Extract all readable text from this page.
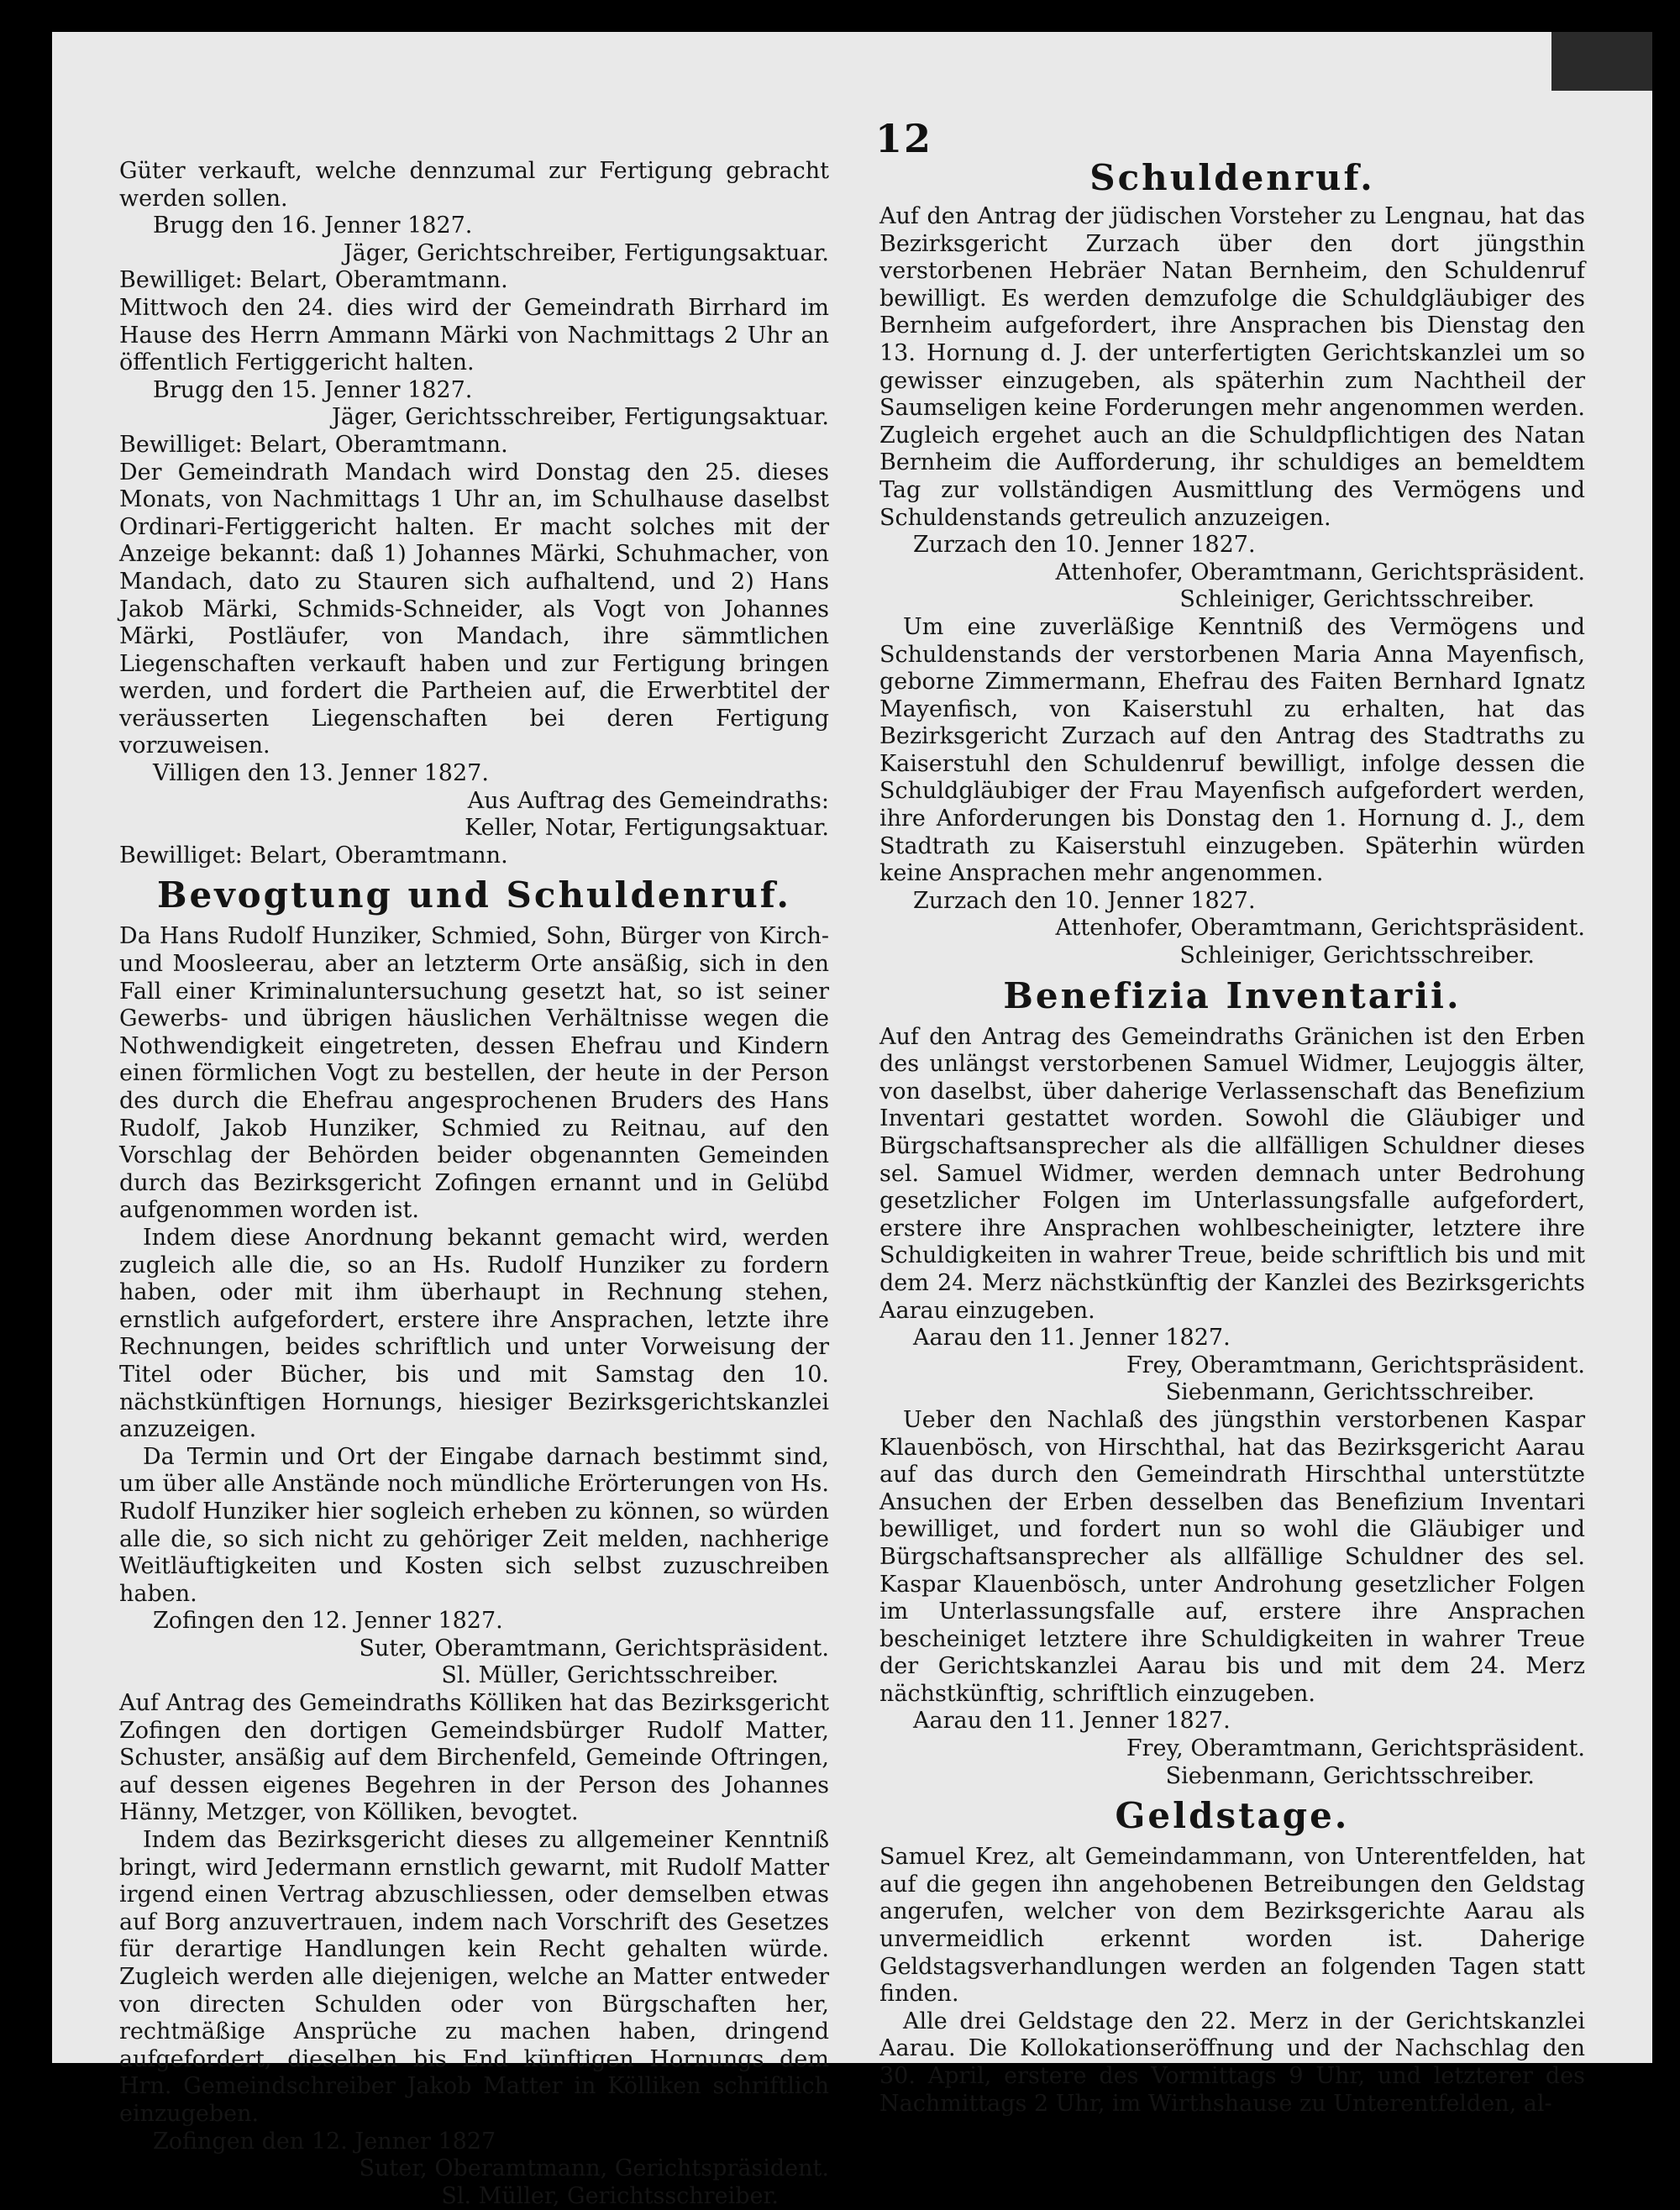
12

Güter verkauft, welche dennzumal zur Fertigung gebracht werden sollen.

Brugg den 16. Jenner 1827.

Jäger, Gerichtschreiber, Fertigungsaktuar.

Bewilliget: Belart, Oberamtmann.

Mittwoch den 24. dies wird der Gemeindrath Birrhard im Hause des Herrn Ammann Märki von Nachmittags 2 Uhr an öffentlich Fertiggericht halten.

Brugg den 15. Jenner 1827.

Jäger, Gerichtsschreiber, Fertigungsaktuar.

Bewilliget: Belart, Oberamtmann.

Der Gemeindrath Mandach wird Donstag den 25. dieses Monats, von Nachmittags 1 Uhr an, im Schulhause daselbst Ordinari-Fertiggericht halten. Er macht solches mit der Anzeige bekannt: daß 1) Johannes Märki, Schuhmacher, von Mandach, dato zu Stauren sich aufhaltend, und 2) Hans Jakob Märki, Schmids-Schneider, als Vogt von Johannes Märki, Postläufer, von Mandach, ihre sämmtlichen Liegenschaften verkauft haben und zur Fertigung bringen werden, und fordert die Partheien auf, die Erwerbtitel der veräusserten Liegenschaften bei deren Fertigung vorzuweisen.

Villigen den 13. Jenner 1827.

Aus Auftrag des Gemeindraths:

Keller, Notar, Fertigungsaktuar.

Bewilliget: Belart, Oberamtmann.

Bevogtung und Schuldenruf.

Da Hans Rudolf Hunziker, Schmied, Sohn, Bürger von Kirch- und Moosleerau, aber an letzterm Orte ansäßig, sich in den Fall einer Kriminaluntersuchung gesetzt hat, so ist seiner Gewerbs- und übrigen häuslichen Verhältnisse wegen die Nothwendigkeit eingetreten, dessen Ehefrau und Kindern einen förmlichen Vogt zu bestellen, der heute in der Person des durch die Ehefrau angesprochenen Bruders des Hans Rudolf, Jakob Hunziker, Schmied zu Reitnau, auf den Vorschlag der Behörden beider obgenannten Gemeinden durch das Bezirksgericht Zofingen ernannt und in Gelübd aufgenommen worden ist.

Indem diese Anordnung bekannt gemacht wird, werden zugleich alle die, so an Hs. Rudolf Hunziker zu fordern haben, oder mit ihm überhaupt in Rechnung stehen, ernstlich aufgefordert, erstere ihre Ansprachen, letzte ihre Rechnungen, beides schriftlich und unter Vorweisung der Titel oder Bücher, bis und mit Samstag den 10. nächstkünftigen Hornungs, hiesiger Bezirksgerichtskanzlei anzuzeigen.

Da Termin und Ort der Eingabe darnach bestimmt sind, um über alle Anstände noch mündliche Erörterungen von Hs. Rudolf Hunziker hier sogleich erheben zu können, so würden alle die, so sich nicht zu gehöriger Zeit melden, nachherige Weitläuftigkeiten und Kosten sich selbst zuzuschreiben haben.

Zofingen den 12. Jenner 1827.

Suter, Oberamtmann, Gerichtspräsident.

Sl. Müller, Gerichtsschreiber.

Auf Antrag des Gemeindraths Kölliken hat das Bezirksgericht Zofingen den dortigen Gemeindsbürger Rudolf Matter, Schuster, ansäßig auf dem Birchenfeld, Gemeinde Oftringen, auf dessen eigenes Begehren in der Person des Johannes Hänny, Metzger, von Kölliken, bevogtet.

Indem das Bezirksgericht dieses zu allgemeiner Kenntniß bringt, wird Jedermann ernstlich gewarnt, mit Rudolf Matter irgend einen Vertrag abzuschliessen, oder demselben etwas auf Borg anzuvertrauen, indem nach Vorschrift des Gesetzes für derartige Handlungen kein Recht gehalten würde. Zugleich werden alle diejenigen, welche an Matter entweder von directen Schulden oder von Bürgschaften her, rechtmäßige Ansprüche zu machen haben, dringend aufgefordert, dieselben bis End künftigen Hornungs dem Hrn. Gemeindschreiber Jakob Matter in Kölliken schriftlich einzugeben.

Zofingen den 12. Jenner 1827

Suter, Oberamtmann, Gerichtspräsident.

Sl. Müller, Gerichtsschreiber.

Schuldenruf.

Auf den Antrag der jüdischen Vorsteher zu Lengnau, hat das Bezirksgericht Zurzach über den dort jüngsthin verstorbenen Hebräer Natan Bernheim, den Schuldenruf bewilligt. Es werden demzufolge die Schuldgläubiger des Bernheim aufgefordert, ihre Ansprachen bis Dienstag den 13. Hornung d. J. der unterfertigten Gerichtskanzlei um so gewisser einzugeben, als späterhin zum Nachtheil der Saumseligen keine Forderungen mehr angenommen werden. Zugleich ergehet auch an die Schuldpflichtigen des Natan Bernheim die Aufforderung, ihr schuldiges an bemeldtem Tag zur vollständigen Ausmittlung des Vermögens und Schuldenstands getreulich anzuzeigen.

Zurzach den 10. Jenner 1827.

Attenhofer, Oberamtmann, Gerichtspräsident.

Schleiniger, Gerichtsschreiber.

Um eine zuverläßige Kenntniß des Vermögens und Schuldenstands der verstorbenen Maria Anna Mayenfisch, geborne Zimmermann, Ehefrau des Faiten Bernhard Ignatz Mayenfisch, von Kaiserstuhl zu erhalten, hat das Bezirksgericht Zurzach auf den Antrag des Stadtraths zu Kaiserstuhl den Schuldenruf bewilligt, infolge dessen die Schuldgläubiger der Frau Mayenfisch aufgefordert werden, ihre Anforderungen bis Donstag den 1. Hornung d. J., dem Stadtrath zu Kaiserstuhl einzugeben. Späterhin würden keine Ansprachen mehr angenommen.

Zurzach den 10. Jenner 1827.

Attenhofer, Oberamtmann, Gerichtspräsident.

Schleiniger, Gerichtsschreiber.

Benefizia Inventarii.

Auf den Antrag des Gemeindraths Gränichen ist den Erben des unlängst verstorbenen Samuel Widmer, Leujoggis älter, von daselbst, über daherige Verlassenschaft das Benefizium Inventari gestattet worden. Sowohl die Gläubiger und Bürgschaftsansprecher als die allfälligen Schuldner dieses sel. Samuel Widmer, werden demnach unter Bedrohung gesetzlicher Folgen im Unterlassungsfalle aufgefordert, erstere ihre Ansprachen wohlbescheinigter, letztere ihre Schuldigkeiten in wahrer Treue, beide schriftlich bis und mit dem 24. Merz nächstkünftig der Kanzlei des Bezirksgerichts Aarau einzugeben.

Aarau den 11. Jenner 1827.

Frey, Oberamtmann, Gerichtspräsident.

Siebenmann, Gerichtsschreiber.

Ueber den Nachlaß des jüngsthin verstorbenen Kaspar Klauenbösch, von Hirschthal, hat das Bezirksgericht Aarau auf das durch den Gemeindrath Hirschthal unterstützte Ansuchen der Erben desselben das Benefizium Inventari bewilliget, und fordert nun so wohl die Gläubiger und Bürgschaftsansprecher als allfällige Schuldner des sel. Kaspar Klauenbösch, unter Androhung gesetzlicher Folgen im Unterlassungsfalle auf, erstere ihre Ansprachen bescheiniget letztere ihre Schuldigkeiten in wahrer Treue der Gerichtskanzlei Aarau bis und mit dem 24. Merz nächstkünftig, schriftlich einzugeben.

Aarau den 11. Jenner 1827.

Frey, Oberamtmann, Gerichtspräsident.

Siebenmann, Gerichtsschreiber.

Geldstage.

Samuel Krez, alt Gemeindammann, von Unterentfelden, hat auf die gegen ihn angehobenen Betreibungen den Geldstag angerufen, welcher von dem Bezirksgerichte Aarau als unvermeidlich erkennt worden ist. Daherige Geldstagsverhandlungen werden an folgenden Tagen statt finden.

Alle drei Geldstage den 22. Merz in der Gerichtskanzlei Aarau. Die Kollokationseröffnung und der Nachschlag den 30. April, erstere des Vormittags 9 Uhr, und letzterer des Nachmittags 2 Uhr, im Wirthshause zu Unterentfelden, al-
